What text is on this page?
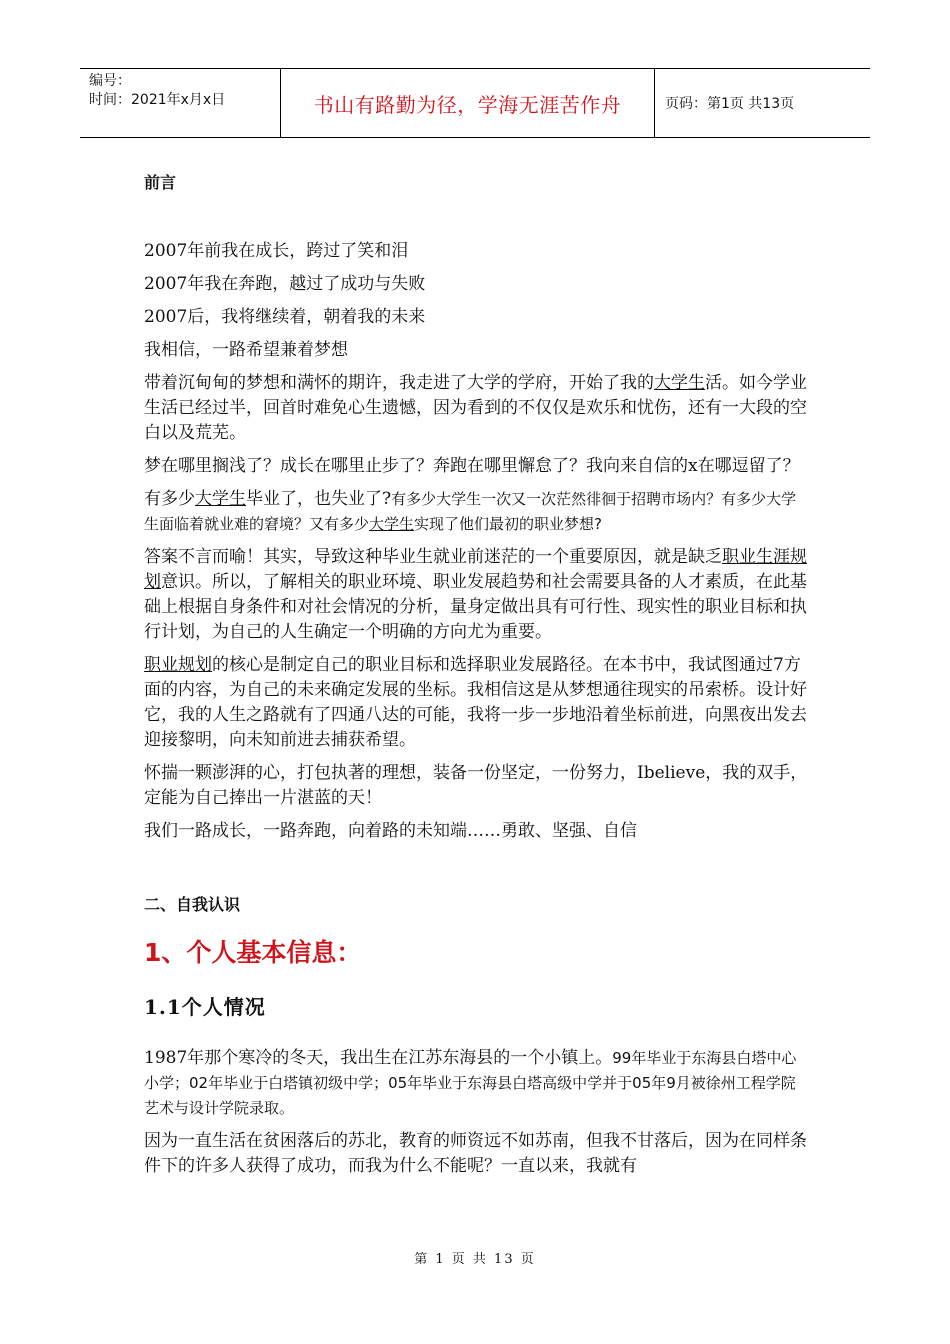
编号：
时间：2021年x月x日	书山有路勤为径，学海无涯苦作舟	页码：第1页 共13页
前言

2007年前我在成长，跨过了笑和泪

2007年我在奔跑，越过了成功与失败

2007后，我将继续着，朝着我的未来

我相信，一路希望兼着梦想

带着沉甸甸的梦想和满怀的期许，我走进了大学的学府，开始了我的大学生活。如今学业生活已经过半，回首时难免心生遗憾，因为看到的不仅仅是欢乐和忧伤，还有一大段的空白以及荒芜。

梦在哪里搁浅了？成长在哪里止步了？奔跑在哪里懈怠了？我向来自信的x在哪逗留了？

有多少大学生毕业了，也失业了?有多少大学生一次又一次茫然徘徊于招聘市场内？有多少大学生面临着就业难的窘境？又有多少大学生实现了他们最初的职业梦想?

答案不言而喻！其实，导致这种毕业生就业前迷茫的一个重要原因，就是缺乏职业生涯规划意识。所以，了解相关的职业环境、职业发展趋势和社会需要具备的人才素质，在此基础上根据自身条件和对社会情况的分析，量身定做出具有可行性、现实性的职业目标和执行计划，为自己的人生确定一个明确的方向尤为重要。

职业规划的核心是制定自己的职业目标和选择职业发展路径。在本书中，我试图通过7方面的内容，为自己的未来确定发展的坐标。我相信这是从梦想通往现实的吊索桥。设计好它，我的人生之路就有了四通八达的可能，我将一步一步地沿着坐标前进，向黑夜出发去迎接黎明，向未知前进去捕获希望。

怀揣一颗澎湃的心，打包执著的理想，装备一份坚定，一份努力，Ibelieve，我的双手，定能为自己捧出一片湛蓝的天！

我们一路成长，一路奔跑，向着路的未知端……勇敢、坚强、自信

二、自我认识
1、个人基本信息：
1.1个人情况

1987年那个寒冷的冬天，我出生在江苏东海县的一个小镇上。99年毕业于东海县白塔中心小学；02年毕业于白塔镇初级中学；05年毕业于东海县白塔高级中学并于05年9月被徐州工程学院艺术与设计学院录取。

因为一直生活在贫困落后的苏北，教育的师资远不如苏南，但我不甘落后，因为在同样条件下的许多人获得了成功，而我为什么不能呢？一直以来，我就有

第 1 页 共 13 页
